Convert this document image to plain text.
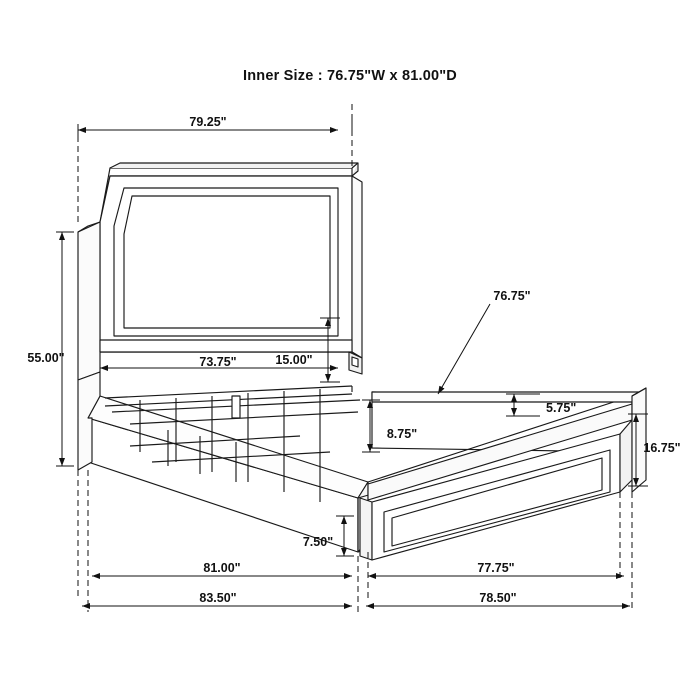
Inner Size : 76.75"W x 81.00"D
79.25"
55.00"	73.75"	15.00"
76.75"
5.75"
8.75"
16.75"
7.50"
81.00"	77.75"
83.50"	78.50"
